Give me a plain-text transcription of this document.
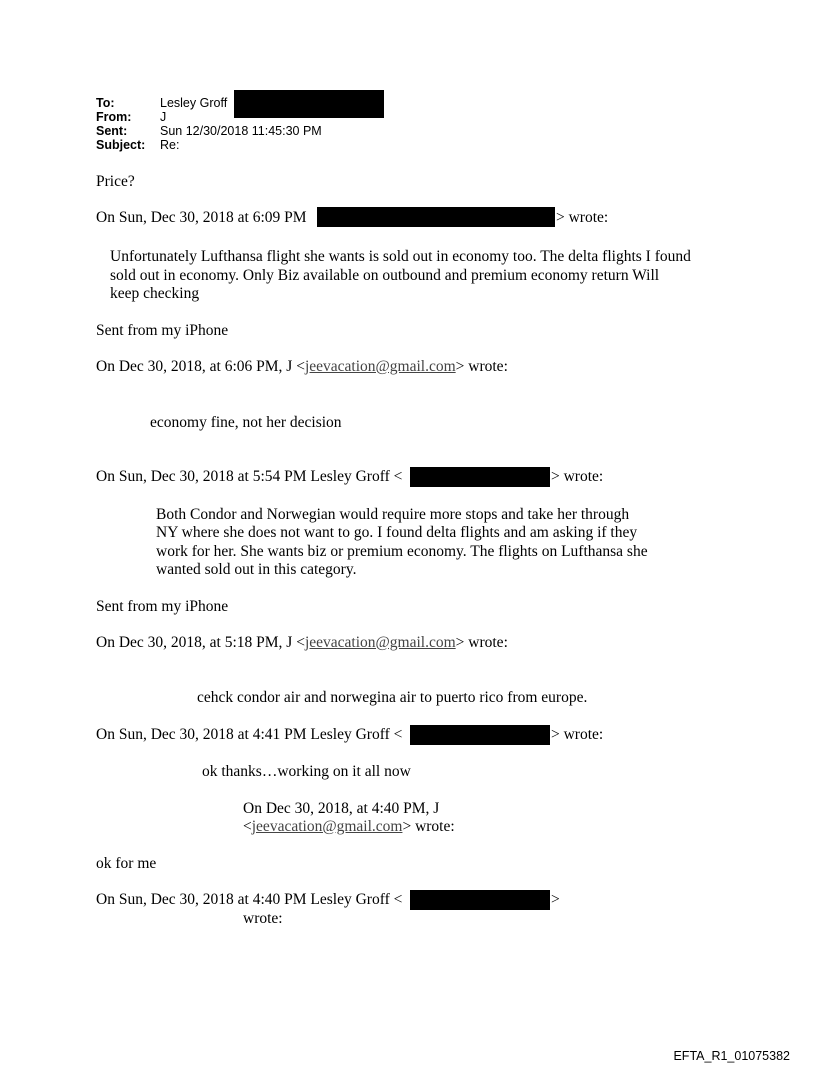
To:	Lesley Groff
From: J
Sent:	Sun 12/30/2018 11:45:30 PM
Subject: Re:
Price?
On Sun, Dec 30, 2018 at 6:09 PM	> wrote:
Unfortunately Lufthansa flight she wants is sold out in economy too. The delta flights I found
sold out in economy. Only Biz available on outbound and premium economy return Will
keep checking
Sent from my iPhone
On Dec 30, 2018, at 6:06 PM, J <jeevacation@gmail.com> wrote:
economy fine, not her decision
On Sun, Dec 30, 2018 at 5:54 PM Lesley Groff <	> wrote:
Both Condor and Norwegian would require more stops and take her through
NY where she does not want to go. I found delta flights and am asking if they
work for her. She wants biz or premium economy. The flights on Lufthansa she
wanted sold out in this category.
Sent from my iPhone
On Dec 30, 2018, at 5:18 PM, J <jeevacation@gmail.com> wrote:
cehck condor air and norwegina air to puerto rico from europe.
On Sun, Dec 30, 2018 at 4:41 PM Lesley Groff <	> wrote:
ok thanks…working on it all now
On Dec 30, 2018, at 4:40 PM, J
<jeevacation@gmail.com> wrote:
ok for me
On Sun, Dec 30, 2018 at 4:40 PM Lesley Groff <	>
wrote:
EFTA_R1_01075382
